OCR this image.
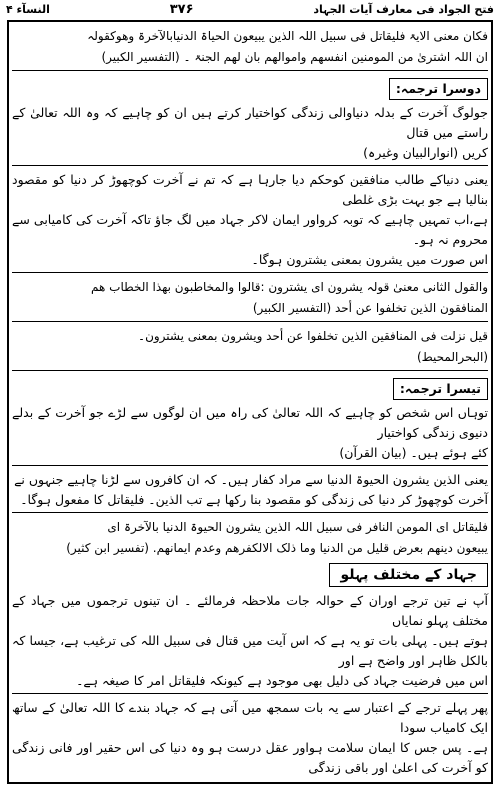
فتح الجواد فی معارف آیات الجہاد
۳۷۶
النسآء ۴

فکان معنی الایۃ فلیقاتل فی سبیل اللہ الذین یبیعون الحیاۃ الدنیابالآخرۃ وھوکقولہ

ان اللہ اشتریٰ من المومنین انفسھم واموالھم بان لھم الجنۃ ۔ (التفسیر الکبیر)

دوسرا ترجمہ:

جولوگ آخرت کے بدلہ دنیاوالی زندگی کواختیار کرتے ہیں ان کو چاہیے کہ وہ اللہ تعالیٰ کے راستے میں قتال

کریں (انوارالبیان وغیرہ)

یعنی دنیاکے طالب منافقین کوحکم دیا جارہا ہے کہ تم نے آخرت کوچھوڑ کر دنیا کو مقصود بنالیا ہے جو بہت بڑی غلطی

ہے،اب تمہیں چاہیے کہ توبہ کرواور ایمان لاکر جہاد میں لگ جاؤ تاکہ آخرت کی کامیابی سے محروم نہ ہو۔

اس صورت میں یشرون بمعنی یشترون ہوگا۔

والقول الثانی معنیٰ قولہ یشرون ای یشترون :قالوا والمخاطبون بھذا الخطاب ھم

المنافقون الذین تخلفوا عن أحد (التفسیر الکبیر)

قیل نزلت فی المنافقین الذین تخلفوا عن أحد ویشرون بمعنی یشترون۔

(البحرالمحیط)

تیسرا ترجمہ:

توہاں اس شخص کو چاہیے کہ اللہ تعالیٰ کی راہ میں ان لوگوں سے لڑے جو آخرت کے بدلے دنیوی زندگی کواختیار

کئے ہوئے ہیں۔ (بیان القرآن)

یعنی الذین یشرون الحیوۃ الدنیا سے مراد کفار ہیں۔ کہ ان کافروں سے لڑنا چاہیے جنہوں نے

آخرت کوچھوڑ کر دنیا کی زندگی کو مقصود بنا رکھا ہے تب الذین۔ فلیقاتل کا مفعول ہوگا۔

فلیقاتل ای المومن النافر فی سبیل اللہ الذین یشرون الحیوۃ الدنیا بالآخرۃ ای

یبیعون دینھم بعرض قلیل من الدنیا وما ذلک الالکفرھم وعدم ایمانھم. (تفسیر ابن کثیر)

جہاد کے مختلف پہلو

آپ نے تین ترجے اوران کے حوالہ جات ملاحظہ فرمالئے ۔ ان تینوں ترجموں میں جہاد کے مختلف پہلو نمایاں

ہوتے ہیں۔ پہلی بات تو یہ ہے کہ اس آیت میں قتال فی سبیل اللہ کی ترغیب ہے، جیسا کہ بالکل ظاہر اور واضح ہے اور

اس میں فرضیت جہاد کی دلیل بھی موجود ہے کیونکہ فلیقاتل امر کا صیغہ ہے۔

پھر پہلے ترجے کے اعتبار سے یہ بات سمجھ میں آتی ہے کہ جہاد بندے کا اللہ تعالیٰ کے ساتھ ایک کامیاب سودا

ہے۔ پس جس کا ایمان سلامت ہواور عقل درست ہو وہ دنیا کی اس حقیر اور فانی زندگی کو آخرت کی اعلیٰ اور باقی زندگی
